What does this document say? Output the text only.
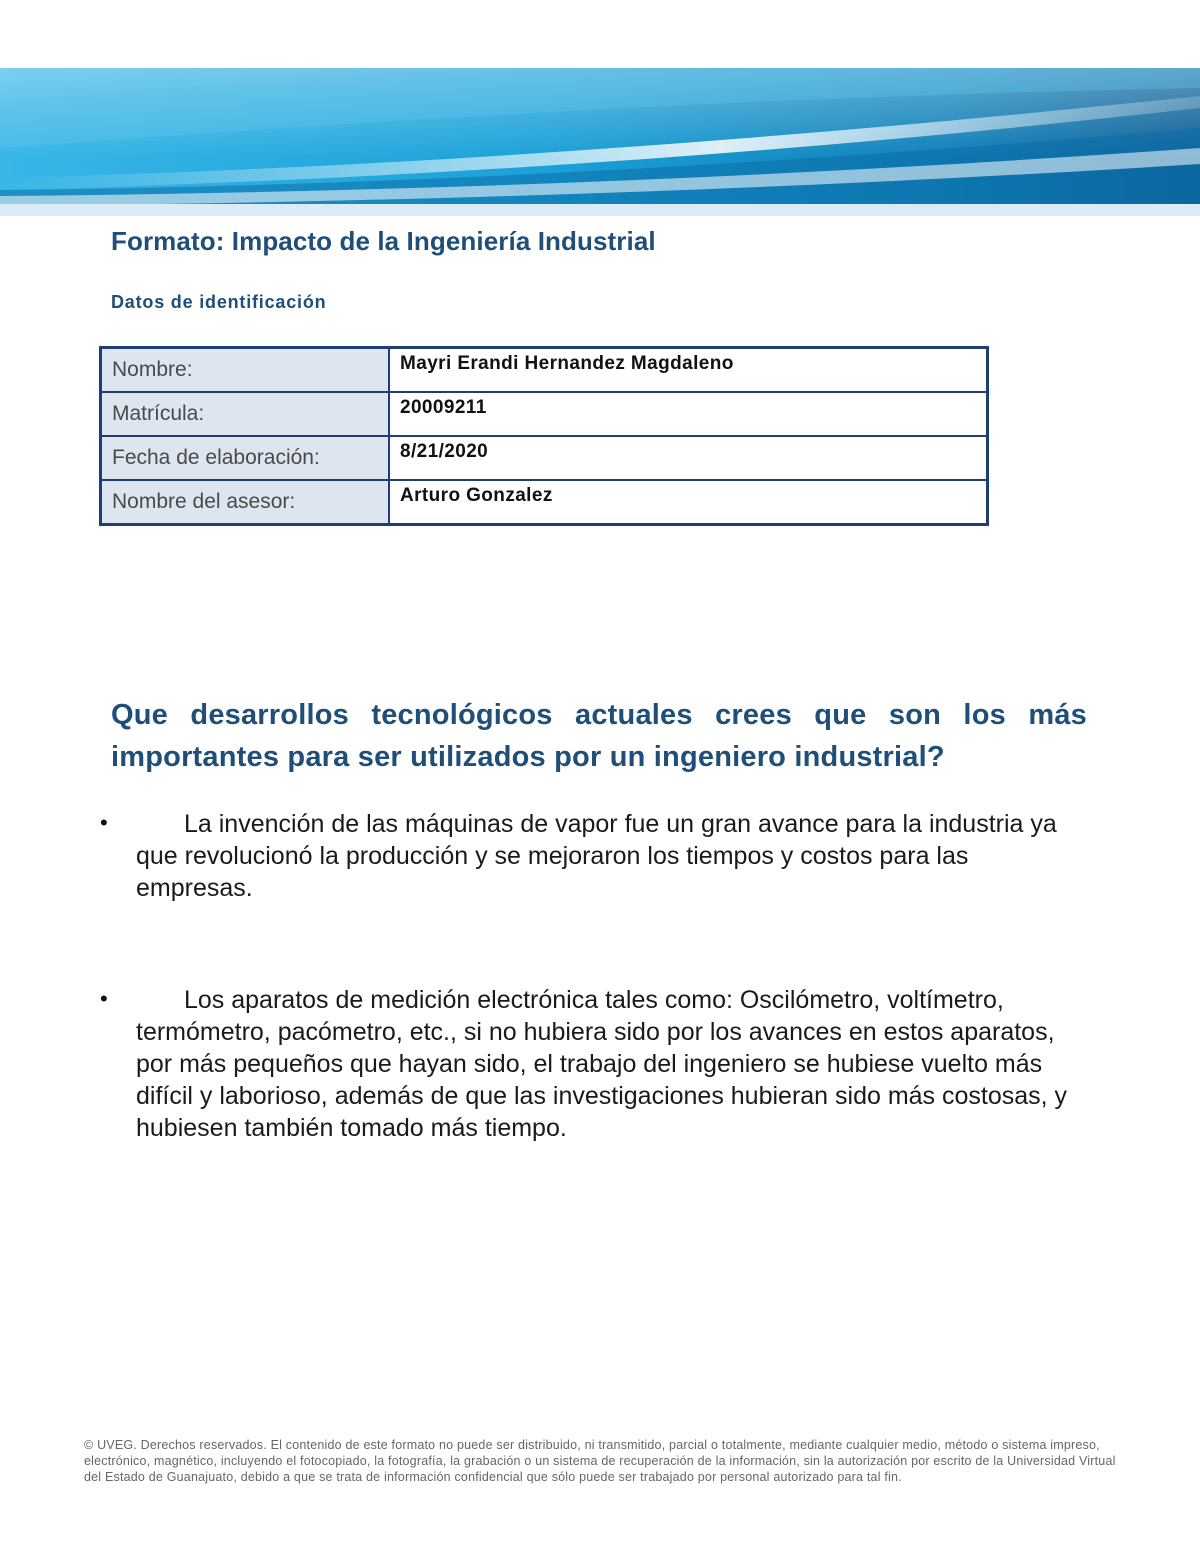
Formato: Impacto de la Ingeniería Industrial
Datos de identificación
Nombre:	Mayri Erandi Hernandez Magdaleno
Matrícula:	20009211
Fecha de elaboración:	8/21/2020
Nombre del asesor:	Arturo Gonzalez
Que desarrollos tecnológicos actuales crees que son los más importantes para ser utilizados por un ingeniero industrial?
•	La invención de las máquinas de vapor fue un gran avance para la industria ya que revolucionó la producción y se mejoraron los tiempos y costos para las empresas.
•	Los aparatos de medición electrónica tales como: Oscilómetro, voltímetro, termómetro, pacómetro, etc., si no hubiera sido por los avances en estos aparatos, por más pequeños que hayan sido, el trabajo del ingeniero se hubiese vuelto más difícil y laborioso, además de que las investigaciones hubieran sido más costosas, y hubiesen también tomado más tiempo.
© UVEG. Derechos reservados. El contenido de este formato no puede ser distribuido, ni transmitido, parcial o totalmente, mediante cualquier medio, método o sistema impreso, electrónico, magnético, incluyendo el fotocopiado, la fotografía, la grabación o un sistema de recuperación de la información, sin la autorización por escrito de la Universidad Virtual del Estado de Guanajuato, debido a que se trata de información confidencial que sólo puede ser trabajado por personal autorizado para tal fin.
